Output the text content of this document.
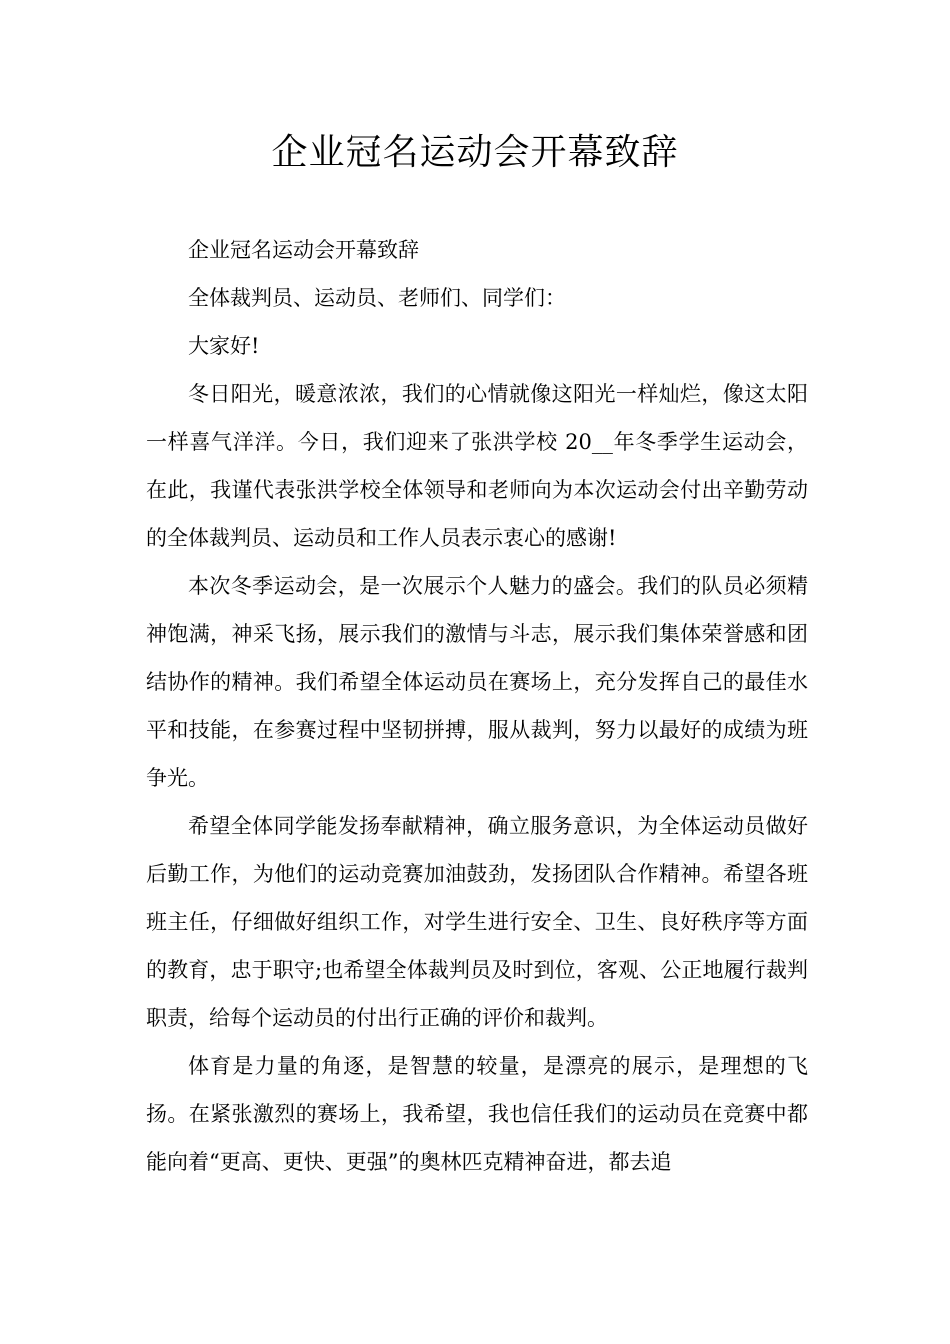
企业冠名运动会开幕致辞

企业冠名运动会开幕致辞

全体裁判员、运动员、老师们、同学们：

大家好!

冬日阳光，暖意浓浓，我们的心情就像这阳光一样灿烂，像这太阳一样喜气洋洋。今日，我们迎来了张洪学校 20__年冬季学生运动会，在此，我谨代表张洪学校全体领导和老师向为本次运动会付出辛勤劳动的全体裁判员、运动员和工作人员表示衷心的感谢!

本次冬季运动会，是一次展示个人魅力的盛会。我们的队员必须精神饱满，神采飞扬，展示我们的激情与斗志，展示我们集体荣誉感和团结协作的精神。我们希望全体运动员在赛场上，充分发挥自己的最佳水平和技能，在参赛过程中坚韧拼搏，服从裁判，努力以最好的成绩为班争光。

希望全体同学能发扬奉献精神，确立服务意识，为全体运动员做好后勤工作，为他们的运动竞赛加油鼓劲，发扬团队合作精神。希望各班班主任，仔细做好组织工作，对学生进行安全、卫生、良好秩序等方面的教育，忠于职守;也希望全体裁判员及时到位，客观、公正地履行裁判职责，给每个运动员的付出行正确的评价和裁判。

体育是力量的角逐，是智慧的较量，是漂亮的展示，是理想的飞扬。在紧张激烈的赛场上，我希望，我也信任我们的运动员在竞赛中都能向着“更高、更快、更强”的奥林匹克精神奋进，都去追
